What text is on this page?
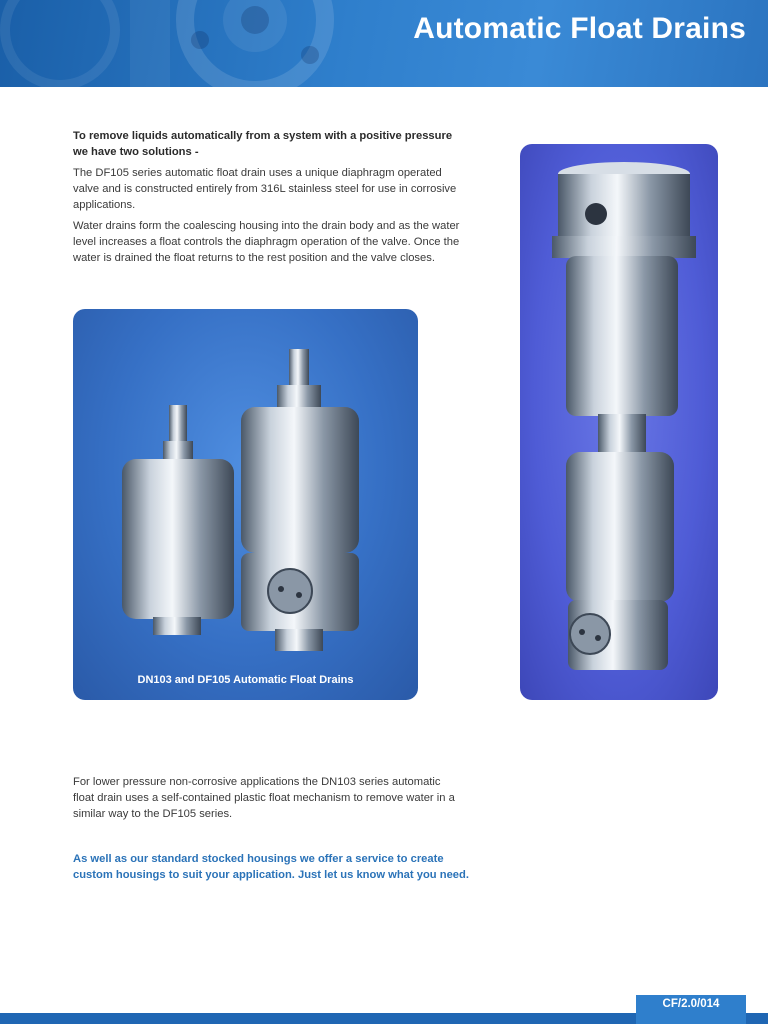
Automatic Float Drains

To remove liquids automatically from a system with a positive pressure we have two solutions -

The DF105 series automatic float drain uses a unique diaphragm operated valve and is constructed entirely from 316L stainless steel for use in corrosive applications.

Water drains form the coalescing housing into the drain body and as the water level increases a float controls the diaphragm operation of the valve. Once the water is drained the float returns to the rest position and the valve closes.

DN103 and DF105 Automatic Float Drains

For lower pressure non-corrosive applications the DN103 series automatic float drain uses a self-contained plastic float mechanism to remove water in a similar way to the DF105 series.

As well as our standard stocked housings we offer a service to create custom housings to suit your application. Just let us know what you need.
CF/2.0/014
